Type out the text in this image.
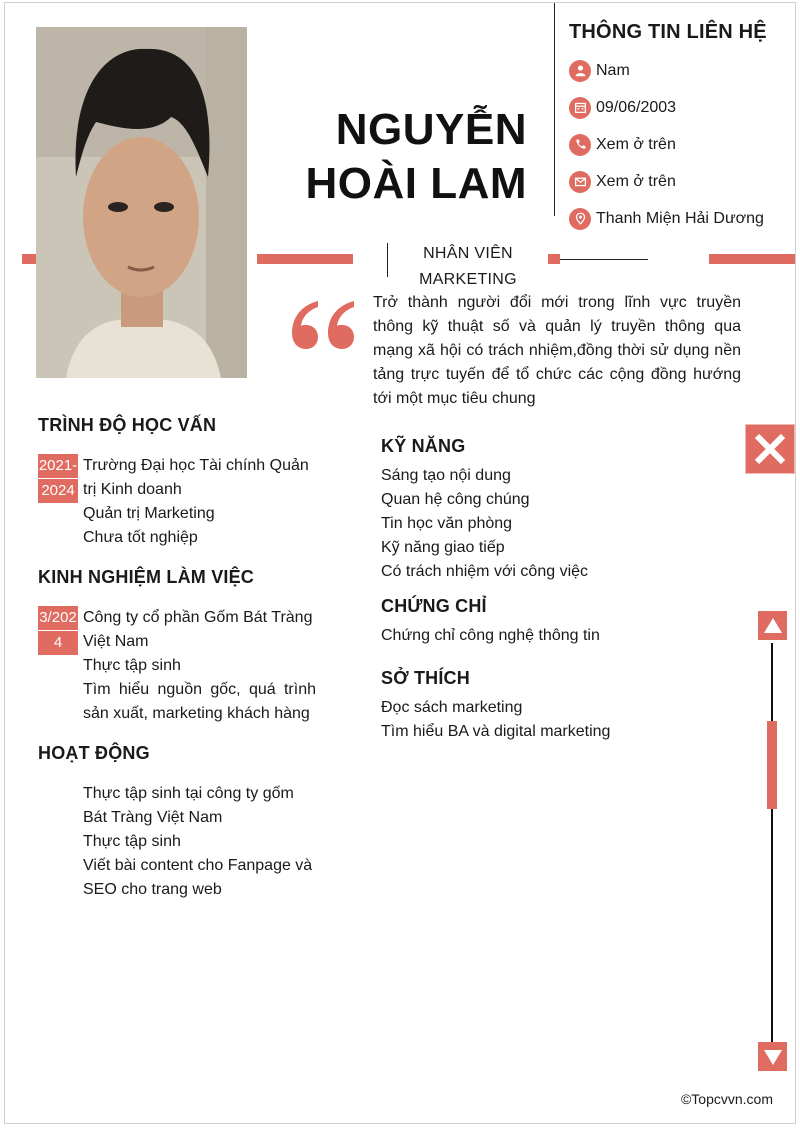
NGUYỄN
HOÀI LAM
THÔNG TIN LIÊN HỆ
Nam
09/06/2003
Xem ở trên
Xem ở trên
Thanh Miện Hải Dương
NHÂN VIÊN
MARKETING
Trở thành người đổi mới trong lĩnh vực truyền thông kỹ thuật số và quản lý truyền thông qua mạng xã hội có trách nhiệm,đồng thời sử dụng nền tảng trực tuyến để tổ chức các cộng đồng hướng tới một mục tiêu chung
TRÌNH ĐỘ HỌC VẤN
2021-
2024
Trường Đại học Tài chính Quản trị Kinh doanh
Quản trị Marketing
Chưa tốt nghiệp
KINH NGHIỆM LÀM VIỆC
3/202
4
Công ty cổ phần Gốm Bát Tràng Việt Nam
Thực tập sinh
Tìm hiểu nguồn gốc, quá trình sản xuất, marketing khách hàng
HOẠT ĐỘNG
Thực tập sinh tại công ty gốm Bát Tràng Việt Nam
Thực tập sinh
Viết bài content cho Fanpage và SEO cho trang web
KỸ NĂNG
Sáng tạo nội dung
Quan hệ công chúng
Tin học văn phòng
Kỹ năng giao tiếp
Có trách nhiệm với công việc
CHỨNG CHỈ
Chứng chỉ công nghệ thông tin
SỞ THÍCH
Đọc sách marketing
Tìm hiểu BA và digital marketing
©Topcvvn.com
